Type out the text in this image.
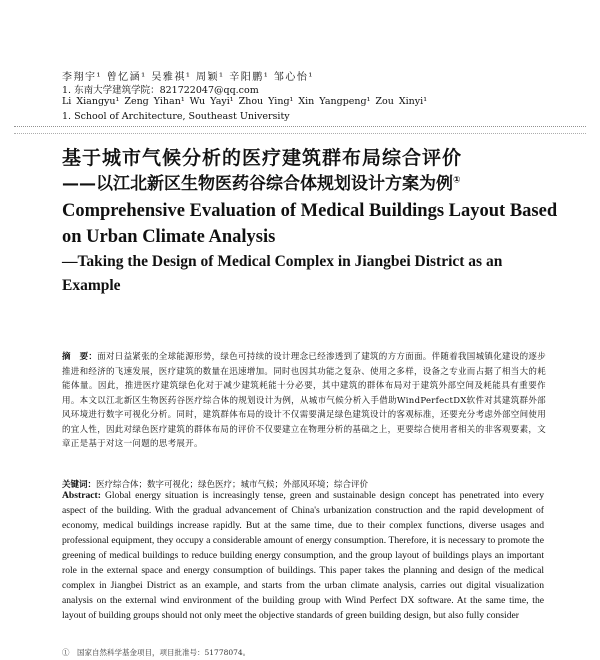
李翔宇¹ 曾忆涵¹ 吴雅祺¹ 周颖¹ 辛阳鹏¹ 邹心怡¹
1. 东南大学建筑学院：821722047@qq.com
Li Xiangyu¹ Zeng Yihan¹ Wu Yayi¹ Zhou Ying¹ Xin Yangpeng¹ Zou Xinyi¹
1. School of Architecture, Southeast University
基于城市气候分析的医疗建筑群布局综合评价
——以江北新区生物医药谷综合体规划设计方案为例①
Comprehensive Evaluation of Medical Buildings Layout Based on Urban Climate Analysis
—Taking the Design of Medical Complex in Jiangbei District as an Example
摘　要：面对日益紧张的全球能源形势，绿色可持续的设计理念已经渗透到了建筑的方方面面。伴随着我国城镇化建设的逐步推进和经济的飞速发展，医疗建筑的数量在迅速增加。同时也因其功能之复杂、使用之多样，设备之专业而占据了相当大的耗能体量。因此，推进医疗建筑绿色化对于减少建筑耗能十分必要，其中建筑的群体布局对于建筑外部空间及耗能具有重要作用。本文以江北新区生物医药谷医疗综合体的规划设计为例，从城市气候分析入手借助WindPerfectDX软件对其建筑群外部风环境进行数字可视化分析。同时，建筑群体布局的设计不仅需要满足绿色建筑设计的客观标准，还要充分考虑外部空间使用的宜人性，因此对绿色医疗建筑的群体布局的评价不仅要建立在物理分析的基础之上，更要综合使用者相关的非客观要素，文章正是基于对这一问题的思考展开。
关键词：医疗综合体；数字可视化；绿色医疗；城市气候；外部风环境；综合评价
Abstract: Global energy situation is increasingly tense, green and sustainable design concept has penetrated into every aspect of the building. With the gradual advancement of China's urbanization construction and the rapid development of economy, medical buildings increase rapidly. But at the same time, due to their complex functions, diverse usages and professional equipment, they occupy a considerable amount of energy consumption. Therefore, it is necessary to promote the greening of medical buildings to reduce building energy consumption, and the group layout of buildings plays an important role in the external space and energy consumption of buildings. This paper takes the planning and design of the medical complex in Jiangbei District as an example, and starts from the urban climate analysis, carries out digital visualization analysis on the external wind environment of the building group with Wind Perfect DX software. At the same time, the layout of building groups should not only meet the objective standards of green building design, but also fully consider
①　国家自然科学基金项目，项目批准号：51778074。
